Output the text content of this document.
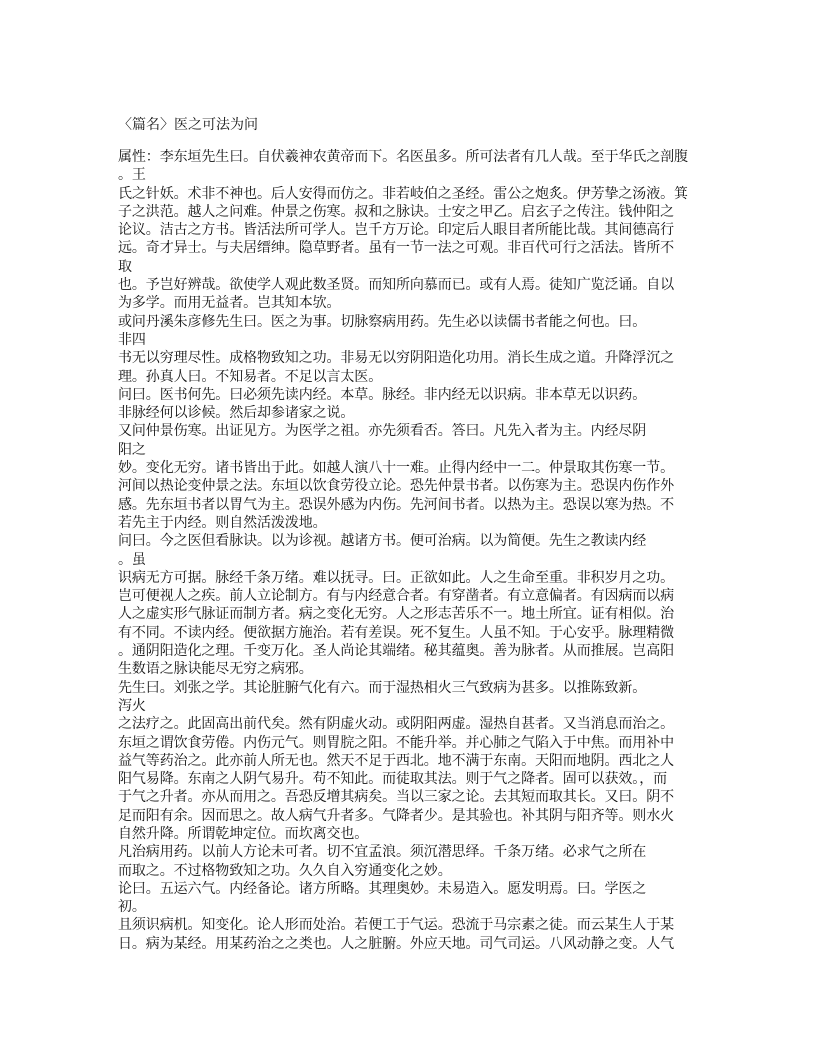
〈篇名〉医之可法为问
属性：李东垣先生曰。自伏羲神农黄帝而下。名医虽多。所可法者有几人哉。至于华氏之剖腹
。王
氏之针妖。术非不神也。后人安得而仿之。非若岐伯之圣经。雷公之炮炙。伊芳挚之汤液。箕
子之洪范。越人之问难。仲景之伤寒。叔和之脉诀。士安之甲乙。启玄子之传注。钱仲阳之
论议。洁古之方书。皆活法所可学人。岂千方万论。印定后人眼目者所能比哉。其间德高行
远。奇才异士。与夫居缙绅。隐草野者。虽有一节一法之可观。非百代可行之活法。皆所不
取
也。予岂好辨哉。欲使学人观此数圣贤。而知所向慕而已。或有人焉。徒知广览泛诵。自以
为多学。而用无益者。岂其知本欤。
或问丹溪朱彦修先生曰。医之为事。切脉察病用药。先生必以读儒书者能之何也。曰。
非四
书无以穷理尽性。成格物致知之功。非易无以穷阴阳造化功用。消长生成之道。升降浮沉之
理。孙真人曰。不知易者。不足以言太医。
问曰。医书何先。曰必须先读内经。本草。脉经。非内经无以识病。非本草无以识药。
非脉经何以诊候。然后却参诸家之说。
又问仲景伤寒。出证见方。为医学之祖。亦先须看否。答曰。凡先入者为主。内经尽阴
阳之
妙。变化无穷。诸书皆出于此。如越人演八十一难。止得内经中一二。仲景取其伤寒一节。
河间以热论变仲景之法。东垣以饮食劳役立论。恐先仲景书者。以伤寒为主。恐误内伤作外
感。先东垣书者以胃气为主。恐误外感为内伤。先河间书者。以热为主。恐误以寒为热。不
若先主于内经。则自然活泼泼地。
问曰。今之医但看脉诀。以为诊视。越诸方书。便可治病。以为简便。先生之教读内经
。虽
识病无方可据。脉经千条万绪。难以抚寻。曰。正欲如此。人之生命至重。非积岁月之功。
岂可便视人之疾。前人立论制方。有与内经意合者。有穿凿者。有立意偏者。有因病而以病
人之虚实形气脉证而制方者。病之变化无穷。人之形志苦乐不一。地土所宜。证有相似。治
有不同。不读内经。便欲据方施治。若有差误。死不复生。人虽不知。于心安乎。脉理精微
。通阴阳造化之理。千变万化。圣人尚论其端绪。秘其蕴奥。善为脉者。从而推展。岂高阳
生数语之脉诀能尽无穷之病邪。
先生曰。刘张之学。其论脏腑气化有六。而于湿热相火三气致病为甚多。以推陈致新。
泻火
之法疗之。此固高出前代矣。然有阴虚火动。或阴阳两虚。湿热自甚者。又当消息而治之。
东垣之谓饮食劳倦。内伤元气。则胃脘之阳。不能升举。并心肺之气陷入于中焦。而用补中
益气等药治之。此亦前人所无也。然天不足于西北。地不满于东南。天阳而地阴。西北之人
阳气易降。东南之人阴气易升。苟不知此。而徒取其法。则于气之降者。固可以获效。，而
于气之升者。亦从而用之。吾恐反增其病矣。当以三家之论。去其短而取其长。又曰。阴不
足而阳有余。因而思之。故人病气升者多。气降者少。是其验也。补其阴与阳齐等。则水火
自然升降。所谓乾坤定位。而坎离交也。
凡治病用药。以前人方论未可者。切不宜孟浪。须沉潜思绎。千条万绪。必求气之所在
而取之。不过格物致知之功。久久自入穷通变化之妙。
论曰。五运六气。内经备论。诸方所略。其理奥妙。未易造入。愿发明焉。曰。学医之
初。
且须识病机。知变化。论人形而处治。若便工于气运。恐流于马宗素之徒。而云某生人于某
日。病为某经。用某药治之之类也。人之脏腑。外应天地。司气司运。八风动静之变。人气
